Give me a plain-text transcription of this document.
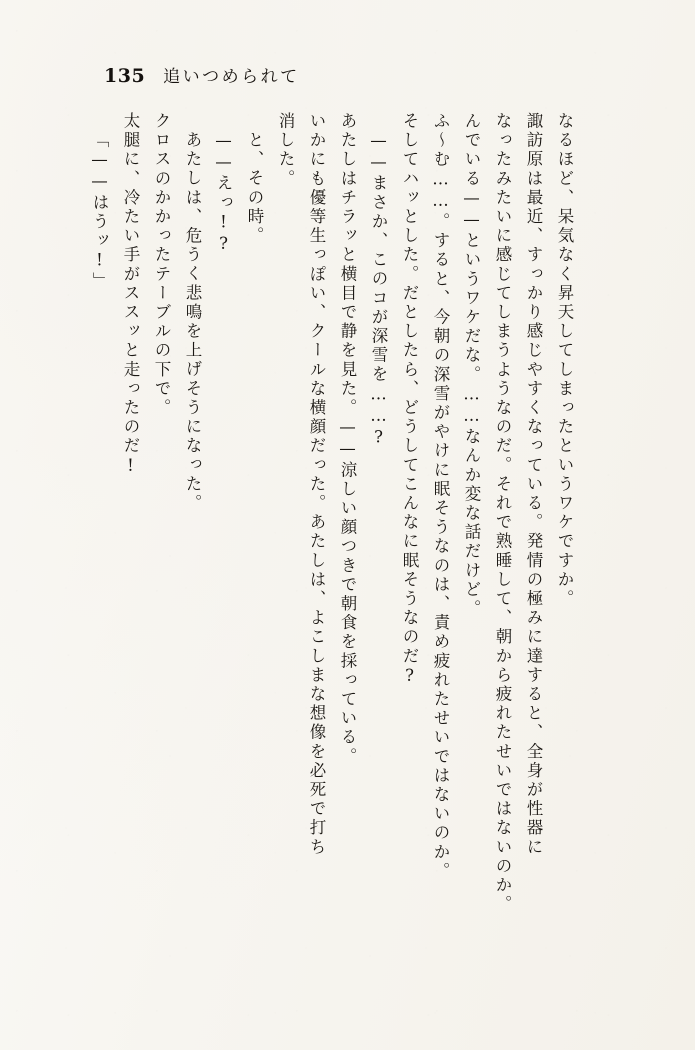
135 追いつめられて
「——はうッ!」 太腿に、冷たい手がススッと走ったのだ! クロスのかかったテーブルの下で。 あたしは、危うく悲鳴を上げそうになった。 ——えっ!? と、その時。 消した。 いかにも優等生っぽい、クールな横顔だった。あたしは、よこしまな想像を必死で打ち あたしはチラッと横目で静を見た。——涼しい顔つきで朝食を採っている。 ——まさか、このコが深雪を……? そしてハッとした。だとしたら、どうしてこんなに眠そうなのだ? ふ〜む……。すると、今朝の深雪がやけに眠そうなのは、責め疲れたせいではないのか。 んでいる——というワケだな。……なんか変な話だけど。 なったみたいに感じてしまうようなのだ。それで熟睡して、朝から疲れたせいではないのか。 諏訪原は最近、すっかり感じやすくなっている。発情の極みに達すると、全身が性器に なるほど、呆気なく昇天してしまったというワケですか。
